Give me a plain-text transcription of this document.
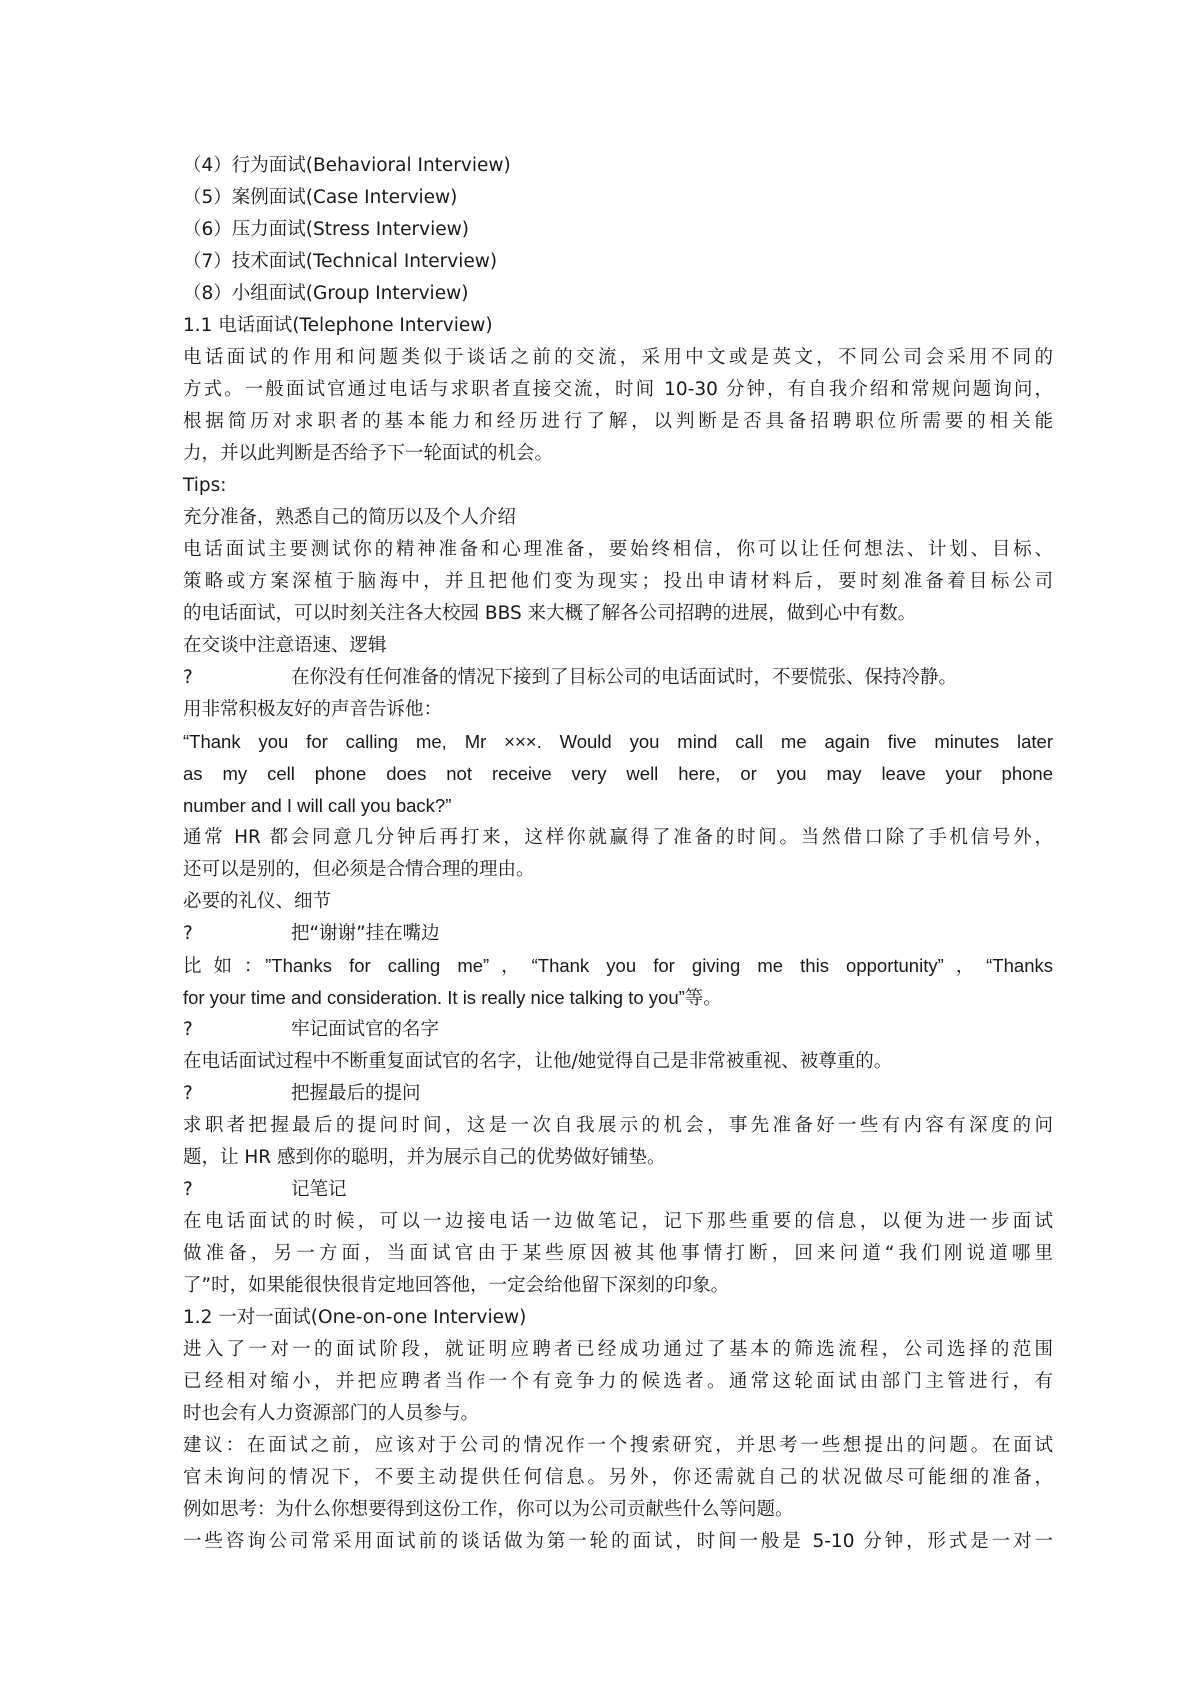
（4）行为面试(Behavioral Interview)
（5）案例面试(Case Interview)
（6）压力面试(Stress Interview)
（7）技术面试(Technical Interview)
（8）小组面试(Group Interview)
1.1 电话面试(Telephone Interview)
电话面试的作用和问题类似于谈话之前的交流，采用中文或是英文，不同公司会采用不同的
方式。一般面试官通过电话与求职者直接交流，时间 10-30 分钟，有自我介绍和常规问题询问，
根据简历对求职者的基本能力和经历进行了解，以判断是否具备招聘职位所需要的相关能
力，并以此判断是否给予下一轮面试的机会。
Tips:
充分准备，熟悉自己的简历以及个人介绍
电话面试主要测试你的精神准备和心理准备，要始终相信，你可以让任何想法、计划、目标、
策略或方案深植于脑海中，并且把他们变为现实；投出申请材料后，要时刻准备着目标公司
的电话面试，可以时刻关注各大校园 BBS 来大概了解各公司招聘的进展，做到心中有数。
在交谈中注意语速、逻辑
?	在你没有任何准备的情况下接到了目标公司的电话面试时，不要慌张、保持冷静。
用非常积极友好的声音告诉他：
“Thank you for calling me, Mr ×××. Would you mind call me again five minutes later
as my cell phone does not receive very well here, or you may leave your phone
number and I will call you back?”
通常 HR 都会同意几分钟后再打来，这样你就赢得了准备的时间。当然借口除了手机信号外，
还可以是别的，但必须是合情合理的理由。
必要的礼仪、细节
?	把“谢谢”挂在嘴边
比如：”Thanks for calling me”，“Thank you for giving me this opportunity”，“Thanks
for your time and consideration. It is really nice talking to you”等。
?	牢记面试官的名字
在电话面试过程中不断重复面试官的名字，让他/她觉得自己是非常被重视、被尊重的。
?	把握最后的提问
求职者把握最后的提问时间，这是一次自我展示的机会，事先准备好一些有内容有深度的问
题，让 HR 感到你的聪明，并为展示自己的优势做好铺垫。
?	记笔记
在电话面试的时候，可以一边接电话一边做笔记，记下那些重要的信息，以便为进一步面试
做准备，另一方面，当面试官由于某些原因被其他事情打断，回来问道“我们刚说道哪里
了”时，如果能很快很肯定地回答他，一定会给他留下深刻的印象。
1.2 一对一面试(One-on-one Interview)
进入了一对一的面试阶段，就证明应聘者已经成功通过了基本的筛选流程，公司选择的范围
已经相对缩小，并把应聘者当作一个有竞争力的候选者。通常这轮面试由部门主管进行，有
时也会有人力资源部门的人员参与。
建议：在面试之前，应该对于公司的情况作一个搜索研究，并思考一些想提出的问题。在面试
官未询问的情况下，不要主动提供任何信息。另外，你还需就自己的状况做尽可能细的准备，
例如思考：为什么你想要得到这份工作，你可以为公司贡献些什么等问题。
一些咨询公司常采用面试前的谈话做为第一轮的面试，时间一般是 5-10 分钟，形式是一对一
